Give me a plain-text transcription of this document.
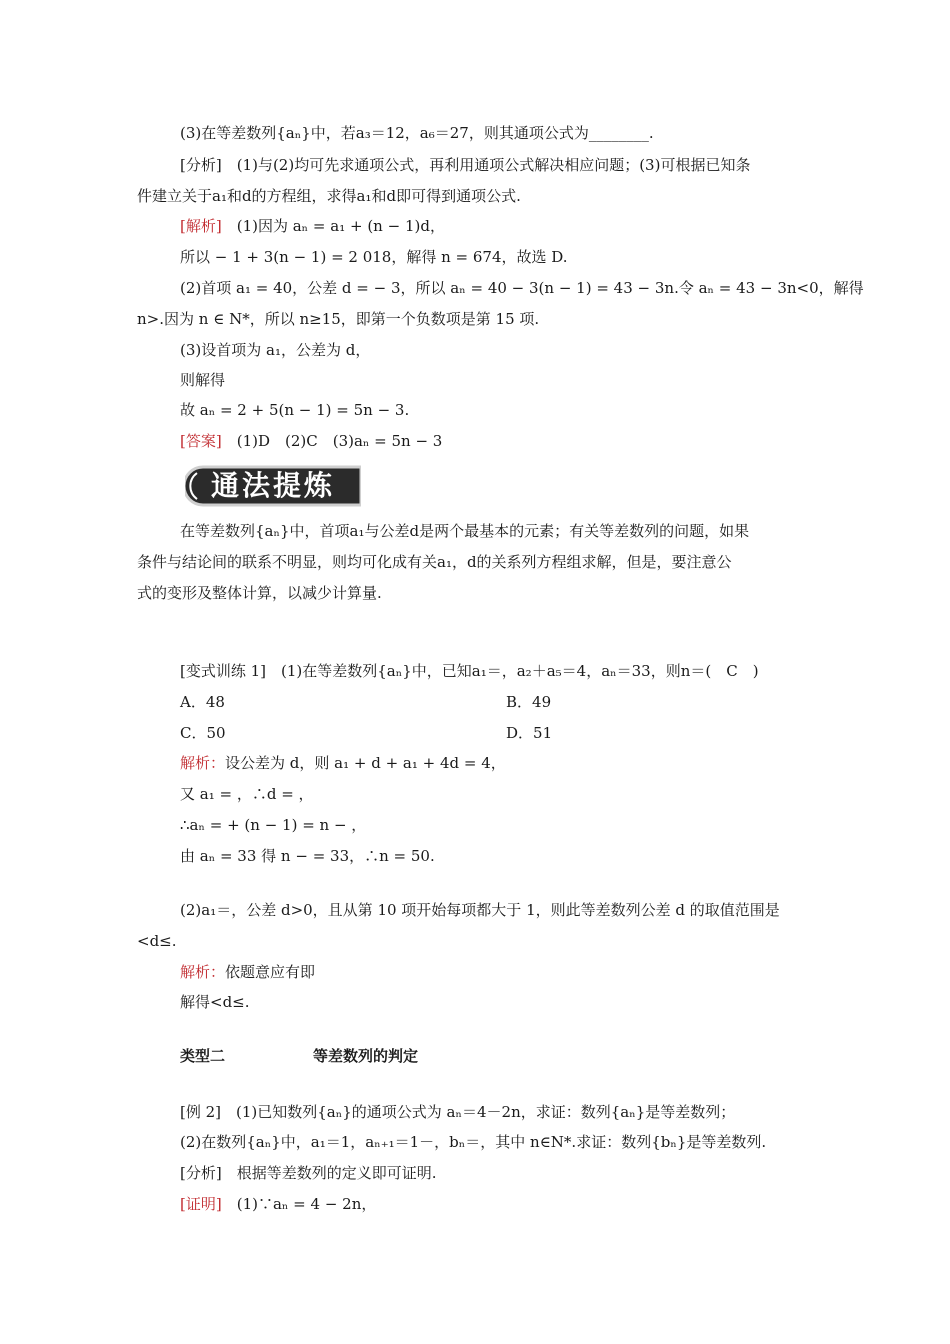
(3)在等差数列{aₙ}中，若a₃＝12，a₆＝27，则其通项公式为________.
[分析]　(1)与(2)均可先求通项公式，再利用通项公式解决相应问题；(3)可根据已知条
件建立关于a₁和d的方程组，求得a₁和d即可得到通项公式.
[解析]　(1)因为 aₙ = a₁ + (n − 1)d，
所以 − 1 + 3(n − 1) = 2 018，解得 n = 674，故选 D.
(2)首项 a₁ = 40，公差 d = − 3，所以 aₙ = 40 − 3(n − 1) = 43 − 3n.令 aₙ = 43 − 3n<0，解得
n>.因为 n ∈ N*，所以 n≥15，即第一个负数项是第 15 项.
(3)设首项为 a₁，公差为 d，
则解得
故 aₙ = 2 + 5(n − 1) = 5n − 3.
[答案]　(1)D　(2)C　(3)aₙ = 5n − 3
通法提炼
在等差数列{aₙ}中，首项a₁与公差d是两个最基本的元素；有关等差数列的问题，如果
条件与结论间的联系不明显，则均可化成有关a₁，d的关系列方程组求解，但是，要注意公
式的变形及整体计算，以减少计算量.
[变式训练 1]　(1)在等差数列{aₙ}中，已知a₁＝，a₂＋a₅＝4，aₙ＝33，则n＝(　C　)
A．48	B．49
C．50	D．51
解析：设公差为 d，则 a₁ + d + a₁ + 4d = 4，
又 a₁ = ，∴d = ，
∴aₙ = + (n − 1) = n − ，
由 aₙ = 33 得 n − = 33，∴n = 50.
(2)a₁＝，公差 d>0，且从第 10 项开始每项都大于 1，则此等差数列公差 d 的取值范围是
<d≤.
解析：依题意应有即
解得<d≤.
类型二	等差数列的判定
[例 2]　(1)已知数列{aₙ}的通项公式为 aₙ＝4－2n，求证：数列{aₙ}是等差数列；
(2)在数列{aₙ}中，a₁＝1，aₙ₊₁＝1－，bₙ＝，其中 n∈N*.求证：数列{bₙ}是等差数列.
[分析]　根据等差数列的定义即可证明.
[证明]　(1)∵aₙ = 4 − 2n，
